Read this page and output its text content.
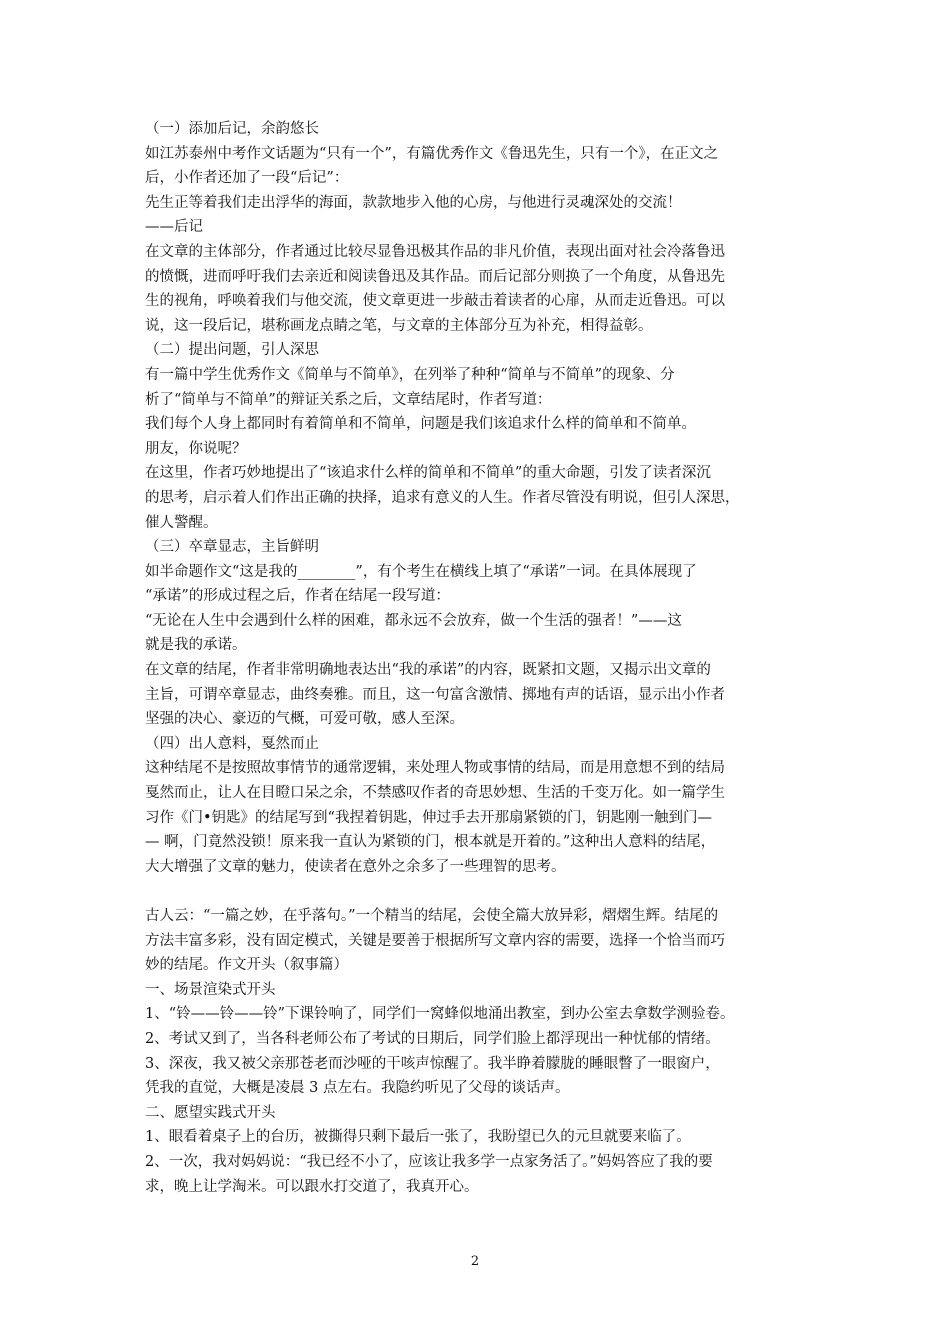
（一）添加后记，余韵悠长
如江苏泰州中考作文话题为“只有一个”，有篇优秀作文《鲁迅先生，只有一个》，在正文之
后，小作者还加了一段“后记”：
先生正等着我们走出浮华的海面，款款地步入他的心房，与他进行灵魂深处的交流！
——后记
在文章的主体部分，作者通过比较尽显鲁迅极其作品的非凡价值，表现出面对社会冷落鲁迅
的愤慨，进而呼吁我们去亲近和阅读鲁迅及其作品。而后记部分则换了一个角度，从鲁迅先
生的视角，呼唤着我们与他交流，使文章更进一步敲击着读者的心扉，从而走近鲁迅。可以
说，这一段后记，堪称画龙点睛之笔，与文章的主体部分互为补充，相得益彰。
（二）提出问题，引人深思
有一篇中学生优秀作文《简单与不简单》，在列举了种种“简单与不简单”的现象、分
析了“简单与不简单”的辩证关系之后，文章结尾时，作者写道：
我们每个人身上都同时有着简单和不简单，问题是我们该追求什么样的简单和不简单。
朋友，你说呢？
在这里，作者巧妙地提出了“该追求什么样的简单和不简单”的重大命题，引发了读者深沉
的思考，启示着人们作出正确的抉择，追求有意义的人生。作者尽管没有明说，但引人深思，
催人警醒。
（三）卒章显志，主旨鲜明
如半命题作文“这是我的________”，有个考生在横线上填了“承诺”一词。在具体展现了
“承诺”的形成过程之后，作者在结尾一段写道：
“无论在人生中会遇到什么样的困难，都永远不会放弃，做一个生活的强者！”——这
就是我的承诺。
在文章的结尾，作者非常明确地表达出“我的承诺”的内容，既紧扣文题，又揭示出文章的
主旨，可谓卒章显志，曲终奏雅。而且，这一句富含激情、掷地有声的话语，显示出小作者
坚强的决心、豪迈的气概，可爱可敬，感人至深。
（四）出人意料，戛然而止
这种结尾不是按照故事情节的通常逻辑，来处理人物或事情的结局，而是用意想不到的结局
戛然而止，让人在目瞪口呆之余，不禁感叹作者的奇思妙想、生活的千变万化。如一篇学生
习作《门•钥匙》的结尾写到“我捏着钥匙，伸过手去开那扇紧锁的门，钥匙刚一触到门—
— 啊，门竟然没锁！原来我一直认为紧锁的门，根本就是开着的。”这种出人意料的结尾，
大大增强了文章的魅力，使读者在意外之余多了一些理智的思考。
古人云：“一篇之妙，在乎落句。”一个精当的结尾，会使全篇大放异彩，熠熠生辉。结尾的
方法丰富多彩，没有固定模式，关键是要善于根据所写文章内容的需要，选择一个恰当而巧
妙的结尾。作文开头（叙事篇）
一、场景渲染式开头
1、“铃——铃——铃”下课铃响了，同学们一窝蜂似地涌出教室，到办公室去拿数学测验卷。
2、考试又到了，当各科老师公布了考试的日期后，同学们脸上都浮现出一种忧郁的情绪。
3、深夜，我又被父亲那苍老而沙哑的干咳声惊醒了。我半睁着朦胧的睡眼瞥了一眼窗户，
凭我的直觉，大概是凌晨 3 点左右。我隐约听见了父母的谈话声。
二、愿望实践式开头
1、眼看着桌子上的台历，被撕得只剩下最后一张了，我盼望已久的元旦就要来临了。
2、一次，我对妈妈说：“我已经不小了，应该让我多学一点家务活了。”妈妈答应了我的要
求，晚上让学淘米。可以跟水打交道了，我真开心。
2
